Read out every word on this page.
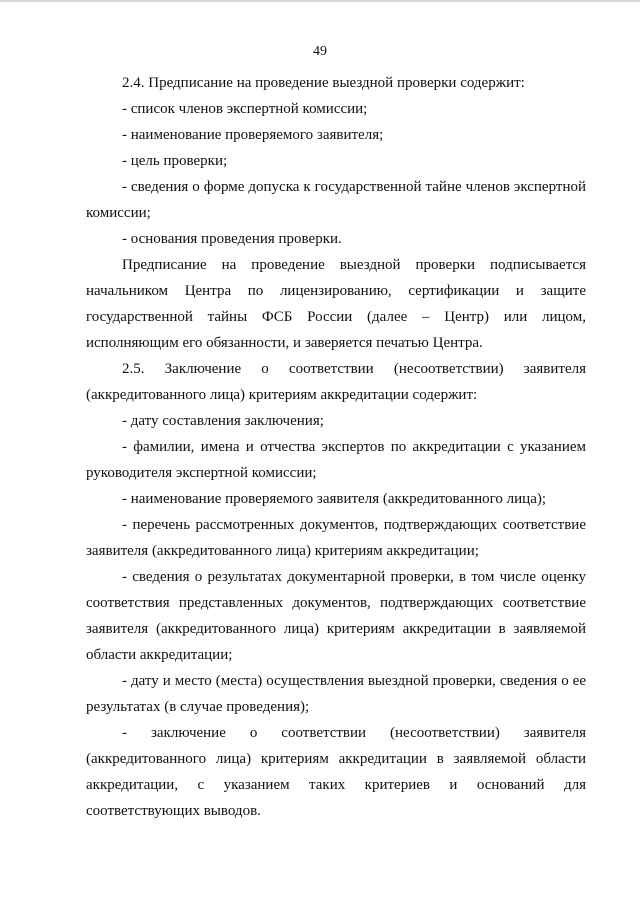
49

2.4. Предписание на проведение выездной проверки содержит:

- список членов экспертной комиссии;

- наименование проверяемого заявителя;

- цель проверки;

- сведения о форме допуска к государственной тайне членов экспертной комиссии;

- основания проведения проверки.

Предписание на проведение выездной проверки подписывается начальником Центра по лицензированию, сертификации и защите государственной тайны ФСБ России (далее – Центр) или лицом, исполняющим его обязанности, и заверяется печатью Центра.

2.5. Заключение о соответствии (несоответствии) заявителя (аккредитованного лица) критериям аккредитации содержит:

- дату составления заключения;

- фамилии, имена и отчества экспертов по аккредитации с указанием руководителя экспертной комиссии;

- наименование проверяемого заявителя (аккредитованного лица);

- перечень рассмотренных документов, подтверждающих соответствие заявителя (аккредитованного лица) критериям аккредитации;

- сведения о результатах документарной проверки, в том числе оценку соответствия представленных документов, подтверждающих соответствие заявителя (аккредитованного лица) критериям аккредитации в заявляемой области аккредитации;

- дату и место (места) осуществления выездной проверки, сведения о ее результатах (в случае проведения);

- заключение о соответствии (несоответствии) заявителя (аккредитованного лица) критериям аккредитации в заявляемой области аккредитации, с указанием таких критериев и оснований для соответствующих выводов.
